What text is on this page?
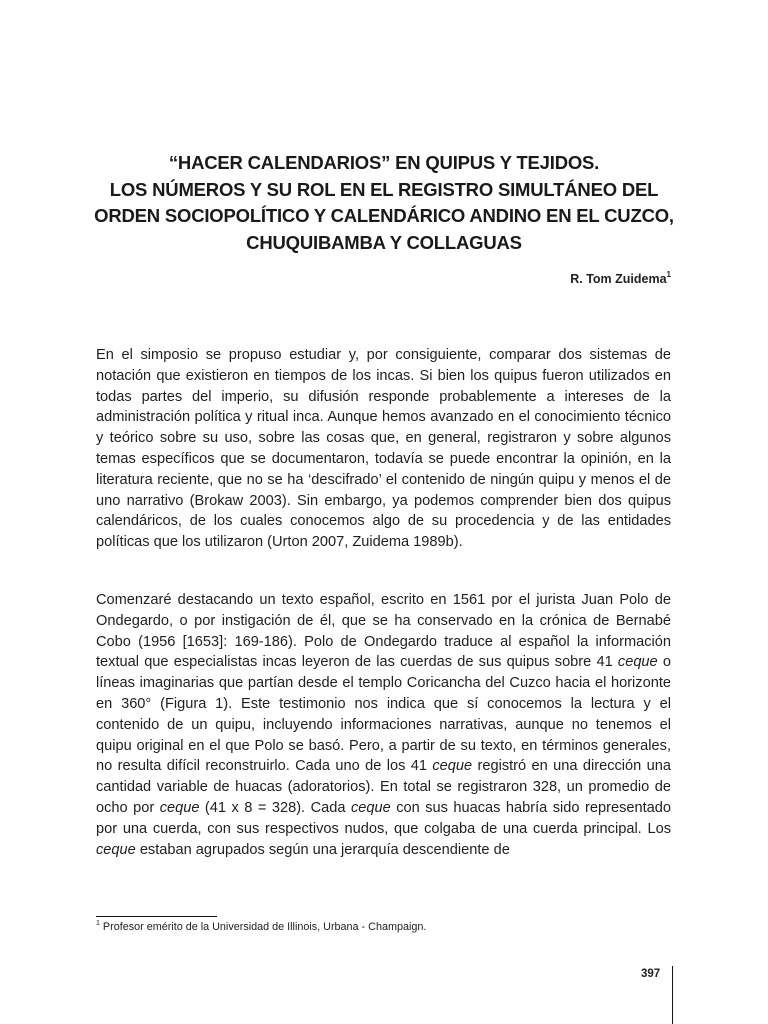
“HACER CALENDARIOS” EN QUIPUS Y TEJIDOS.
LOS NÚMEROS Y SU ROL EN EL REGISTRO SIMULTÁNEO DEL
ORDEN SOCIOPOLÍTICO Y CALENDÁRICO ANDINO EN EL CUZCO,
CHUQUIBAMBA Y COLLAGUAS
R. Tom Zuidema$^1$

En el simposio se propuso estudiar y, por consiguiente, comparar dos sistemas de notación que existieron en tiempos de los incas. Si bien los quipus fueron utilizados en todas partes del imperio, su difusión responde probablemente a intereses de la administración política y ritual inca. Aunque hemos avanzado en el conocimiento técnico y teórico sobre su uso, sobre las cosas que, en general, registraron y sobre algunos temas específicos que se documentaron, todavía se puede encontrar la opinión, en la literatura reciente, que no se ha ‘descifrado’ el contenido de ningún quipu y menos el de uno narrativo (Brokaw 2003). Sin embargo, ya podemos comprender bien dos quipus calendáricos, de los cuales conocemos algo de su procedencia y de las entidades políticas que los utilizaron (Urton 2007, Zuidema 1989b).

Comenzaré destacando un texto español, escrito en 1561 por el jurista Juan Polo de Ondegardo, o por instigación de él, que se ha conservado en la crónica de Bernabé Cobo (1956 [1653]: 169-186). Polo de Ondegardo traduce al español la información textual que especialistas incas leyeron de las cuerdas de sus quipus sobre 41 ceque o líneas imaginarias que partían desde el templo Coricancha del Cuzco hacia el horizonte en 360° (Figura 1). Este testimonio nos indica que sí conocemos la lectura y el contenido de un quipu, incluyendo informaciones narrativas, aunque no tenemos el quipu original en el que Polo se basó. Pero, a partir de su texto, en términos generales, no resulta difícil reconstruirlo. Cada uno de los 41 ceque registró en una dirección una cantidad variable de huacas (adoratorios). En total se registraron 328, un promedio de ocho por ceque (41 x 8 = 328). Cada ceque con sus huacas habría sido representado por una cuerda, con sus respectivos nudos, que colgaba de una cuerda principal. Los ceque estaban agrupados según una jerarquía descendiente de

$^1$ Profesor emérito de la Universidad de Illinois, Urbana - Champaign.
397
